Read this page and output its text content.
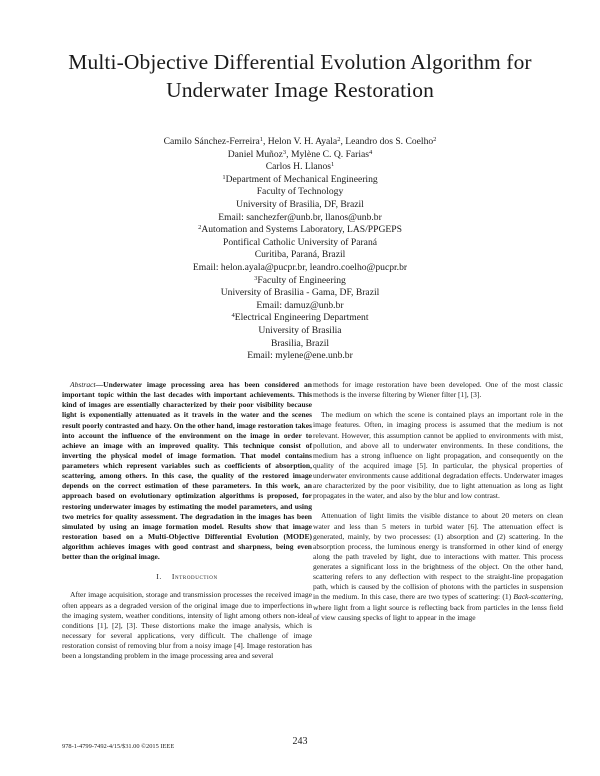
Multi-Objective Differential Evolution Algorithm for
Underwater Image Restoration
Camilo Sánchez-Ferreira$^1$, Helon V. H. Ayala$^2$, Leandro dos S. Coelho$^2$
Daniel Muñoz$^3$, Mylène C. Q. Farias$^4$
Carlos H. Llanos$^1$
$^1$Department of Mechanical Engineering
Faculty of Technology
University of Brasilia, DF, Brazil
Email: sanchezfer@unb.br, llanos@unb.br
$^2$Automation and Systems Laboratory, LAS/PPGEPS
Pontifical Catholic University of Paraná
Curitiba, Paraná, Brazil
Email: helon.ayala@pucpr.br, leandro.coelho@pucpr.br
$^3$Faculty of Engineering
University of Brasilia - Gama, DF, Brazil
Email: damuz@unb.br
$^4$Electrical Engineering Department
University of Brasilia
Brasilia, Brazil
Email: mylene@ene.unb.br

Abstract—Underwater image processing area has been considered an important topic within the last decades with important achievements. This kind of images are essentially characterized by their poor visibility because light is exponentially attenuated as it travels in the water and the scenes result poorly contrasted and hazy. On the other hand, image restoration takes into account the influence of the environment on the image in order to achieve an image with an improved quality. This technique consist of inverting the physical model of image formation. That model contains parameters which represent variables such as coefficients of absorption, scattering, among others. In this case, the quality of the restored image depends on the correct estimation of these parameters. In this work, an approach based on evolutionary optimization algorithms is proposed, for restoring underwater images by estimating the model parameters, and using two metrics for quality assessment. The degradation in the images has been simulated by using an image formation model. Results show that image restoration based on a Multi-Objective Differential Evolution (MODE) algorithm achieves images with good contrast and sharpness, being even better than the original image.

I. Introduction

After image acquisition, storage and transmission processes the received image often appears as a degraded version of the original image due to imperfections in the imaging system, weather conditions, intensity of light among others non-ideal conditions [1], [2], [3]. These distortions make the image analysis, which is necessary for several applications, very difficult. The challenge of image restoration consist of removing blur from a noisy image [4]. Image restoration has been a longstanding problem in the image processing area and several

methods for image restoration have been developed. One of the most classic methods is the inverse filtering by Wiener filter [1], [3].

The medium on which the scene is contained plays an important role in the image features. Often, in imaging process is assumed that the medium is not relevant. However, this assumption cannot be applied to environments with mist, pollution, and above all to underwater environments. In these conditions, the medium has a strong influence on light propagation, and consequently on the quality of the acquired image [5]. In particular, the physical properties of underwater environments cause additional degradation effects. Underwater images are characterized by the poor visibility, due to light attenuation as long as light propagates in the water, and also by the blur and low contrast.

Attenuation of light limits the visible distance to about 20 meters on clean water and less than 5 meters in turbid water [6]. The attenuation effect is generated, mainly, by two processes: (1) absorption and (2) scattering. In the absorption process, the luminous energy is transformed in other kind of energy along the path traveled by light, due to interactions with matter. This process generates a significant loss in the brightness of the object. On the other hand, scattering refers to any deflection with respect to the straight-line propagation path, which is caused by the collision of photons with the particles in suspension in the medium. In this case, there are two types of scattering: (1) Back-scattering, where light from a light source is reflecting back from particles in the lenss field of view causing specks of light to appear in the image

978-1-4799-7492-4/15/$31.00 ©2015 IEEE	243
